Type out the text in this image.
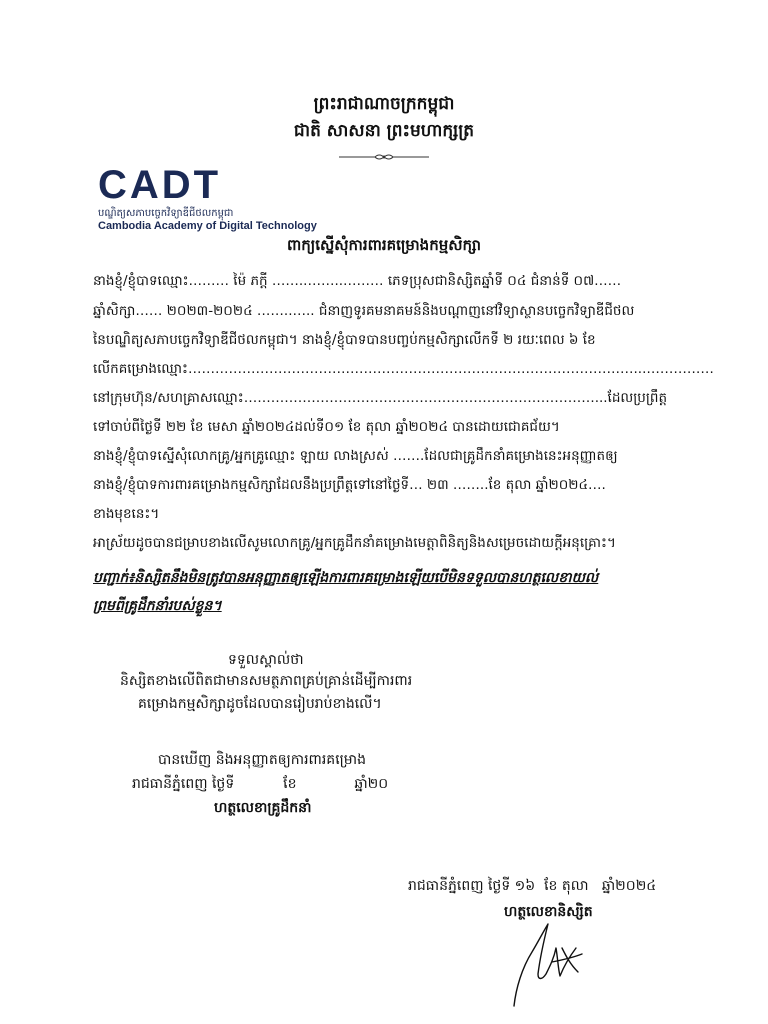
ព្រះរាជាណាចក្រកម្ពុជា
ជាតិ សាសនា ព្រះមហាក្សត្រ
CADT
បណ្ឌិត្យសភាបច្ចេកវិទ្យាឌីជីថលកម្ពុជា
Cambodia Academy of Digital Technology
ពាក្យស្នើសុំការពារគម្រោងកម្មសិក្សា
នាងខ្ញុំ/ខ្ញុំបាទឈ្មោះ……… ម៉ៃ ភក្តី ……..……..……… ភេទប្រុសជានិស្សិតឆ្នាំទី ០៤ ជំនាន់ទី ០៧……
ឆ្នាំសិក្សា…… ២០២៣-២០២៤ ……..….. ជំនាញទូរគមនាគមន៍និងបណ្តាញនៅវិទ្យាស្ថានបច្ចេកវិទ្យាឌីជីថល
នៃបណ្ឌិត្យសភាបច្ចេកវិទ្យាឌីជីថលកម្ពុជា។ នាងខ្ញុំ/ខ្ញុំបាទបានបញ្ចប់កម្មសិក្សាលើកទី ២ រយៈពេល ៦ ខែ
លើកគម្រោងឈ្មោះ………………………………………………………………………………………...……………
នៅក្រុមហ៊ុន/សហគ្រាសឈ្មោះ……………………………………………………………………...ដែលប្រព្រឹត្ត
ទៅចាប់ពីថ្ងៃទី ២២ ខែ មេសា ឆ្នាំ២០២៤ដល់ទី០១ ខែ តុលា ឆ្នាំ២០២៤ បានដោយជោគជ័យ។
នាងខ្ញុំ/ខ្ញុំបាទស្នើសុំលោកគ្រូ/អ្នកគ្រូឈ្មោះ ឡាយ លាងស្រស់ …….ដែលជាគ្រូដឹកនាំគម្រោងនេះអនុញ្ញាតឲ្យ
នាងខ្ញុំ/ខ្ញុំបាទការពារគម្រោងកម្មសិក្សាដែលនឹងប្រព្រឹត្តទៅនៅថ្ងៃទី… ២៣ ……..ខែ តុលា ឆ្នាំ២០២៤….
ខាងមុខនេះ។
អាស្រ័យដូចបានជម្រាបខាងលើសូមលោកគ្រូ/អ្នកគ្រូដឹកនាំគម្រោងមេត្តាពិនិត្យនិងសម្រេចដោយក្តីអនុគ្រោះ។
បញ្ជាក់៖និស្សិតនឹងមិនត្រូវបានអនុញ្ញាតឲ្យឡើងការពារគម្រោងឡើយបើមិនទទួលបានហត្ថលេខាយល់
ព្រមពីគ្រូដឹកនាំរបស់ខ្លួន។
ទទួលស្គាល់ថា
និស្សិតខាងលើពិតជាមានសមត្ថភាពគ្រប់គ្រាន់ដើម្បីការពារ
គម្រោងកម្មសិក្សាដូចដែលបានរៀបរាប់ខាងលើ។
បានឃើញ និងអនុញ្ញាតឲ្យការពារគម្រោង
រាជធានីភ្នំពេញ ថ្ងៃទី           ខែ             ឆ្នាំ២០
ហត្ថលេខាគ្រូដឹកនាំ
រាជធានីភ្នំពេញ ថ្ងៃទី ១៦  ខែ តុលា   ឆ្នាំ២០២៤
ហត្ថលេខានិស្សិត
